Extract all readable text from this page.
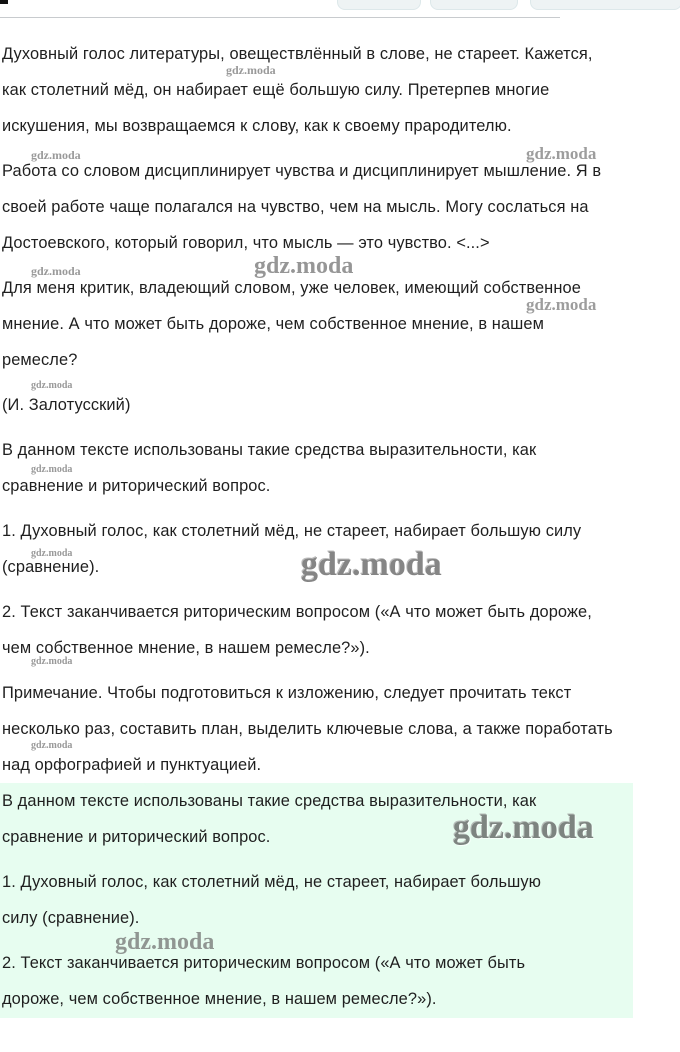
Духовный голос литературы, овеществлённый в слове, не стареет. Кажется,

как столетний мёд, он набирает ещё большую силу. Претерпев многие

искушения, мы возвращаемся к слову, как к своему прародителю.

Работа со словом дисциплинирует чувства и дисциплинирует мышление. Я в

своей работе чаще полагался на чувство, чем на мысль. Могу сослаться на

Достоевского, который говорил, что мысль — это чувство. <...>

Для меня критик, владеющий словом, уже человек, имеющий собственное

мнение. А что может быть дороже, чем собственное мнение, в нашем

ремесле?

(И. Залотусский)

В данном тексте использованы такие средства выразительности, как

сравнение и риторический вопрос.

1. Духовный голос, как столетний мёд, не стареет, набирает большую силу

(сравнение).

2. Текст заканчивается риторическим вопросом («А что может быть дороже,

чем собственное мнение, в нашем ремесле?»).

Примечание. Чтобы подготовиться к изложению, следует прочитать текст

несколько раз, составить план, выделить ключевые слова, а также поработать

над орфографией и пунктуацией.

В данном тексте использованы такие средства выразительности, как

сравнение и риторический вопрос.

1. Духовный голос, как столетний мёд, не стареет, набирает большую

силу (сравнение).

2. Текст заканчивается риторическим вопросом («А что может быть

дороже, чем собственное мнение, в нашем ремесле?»).

gdz.moda
gdz.moda	gdz.moda
gdz.moda	gdz.moda
gdz.moda
gdz.moda
gdz.moda
gdz.moda	gdz.moda
gdz.moda
gdz.moda
gdz.moda
gdz.moda
